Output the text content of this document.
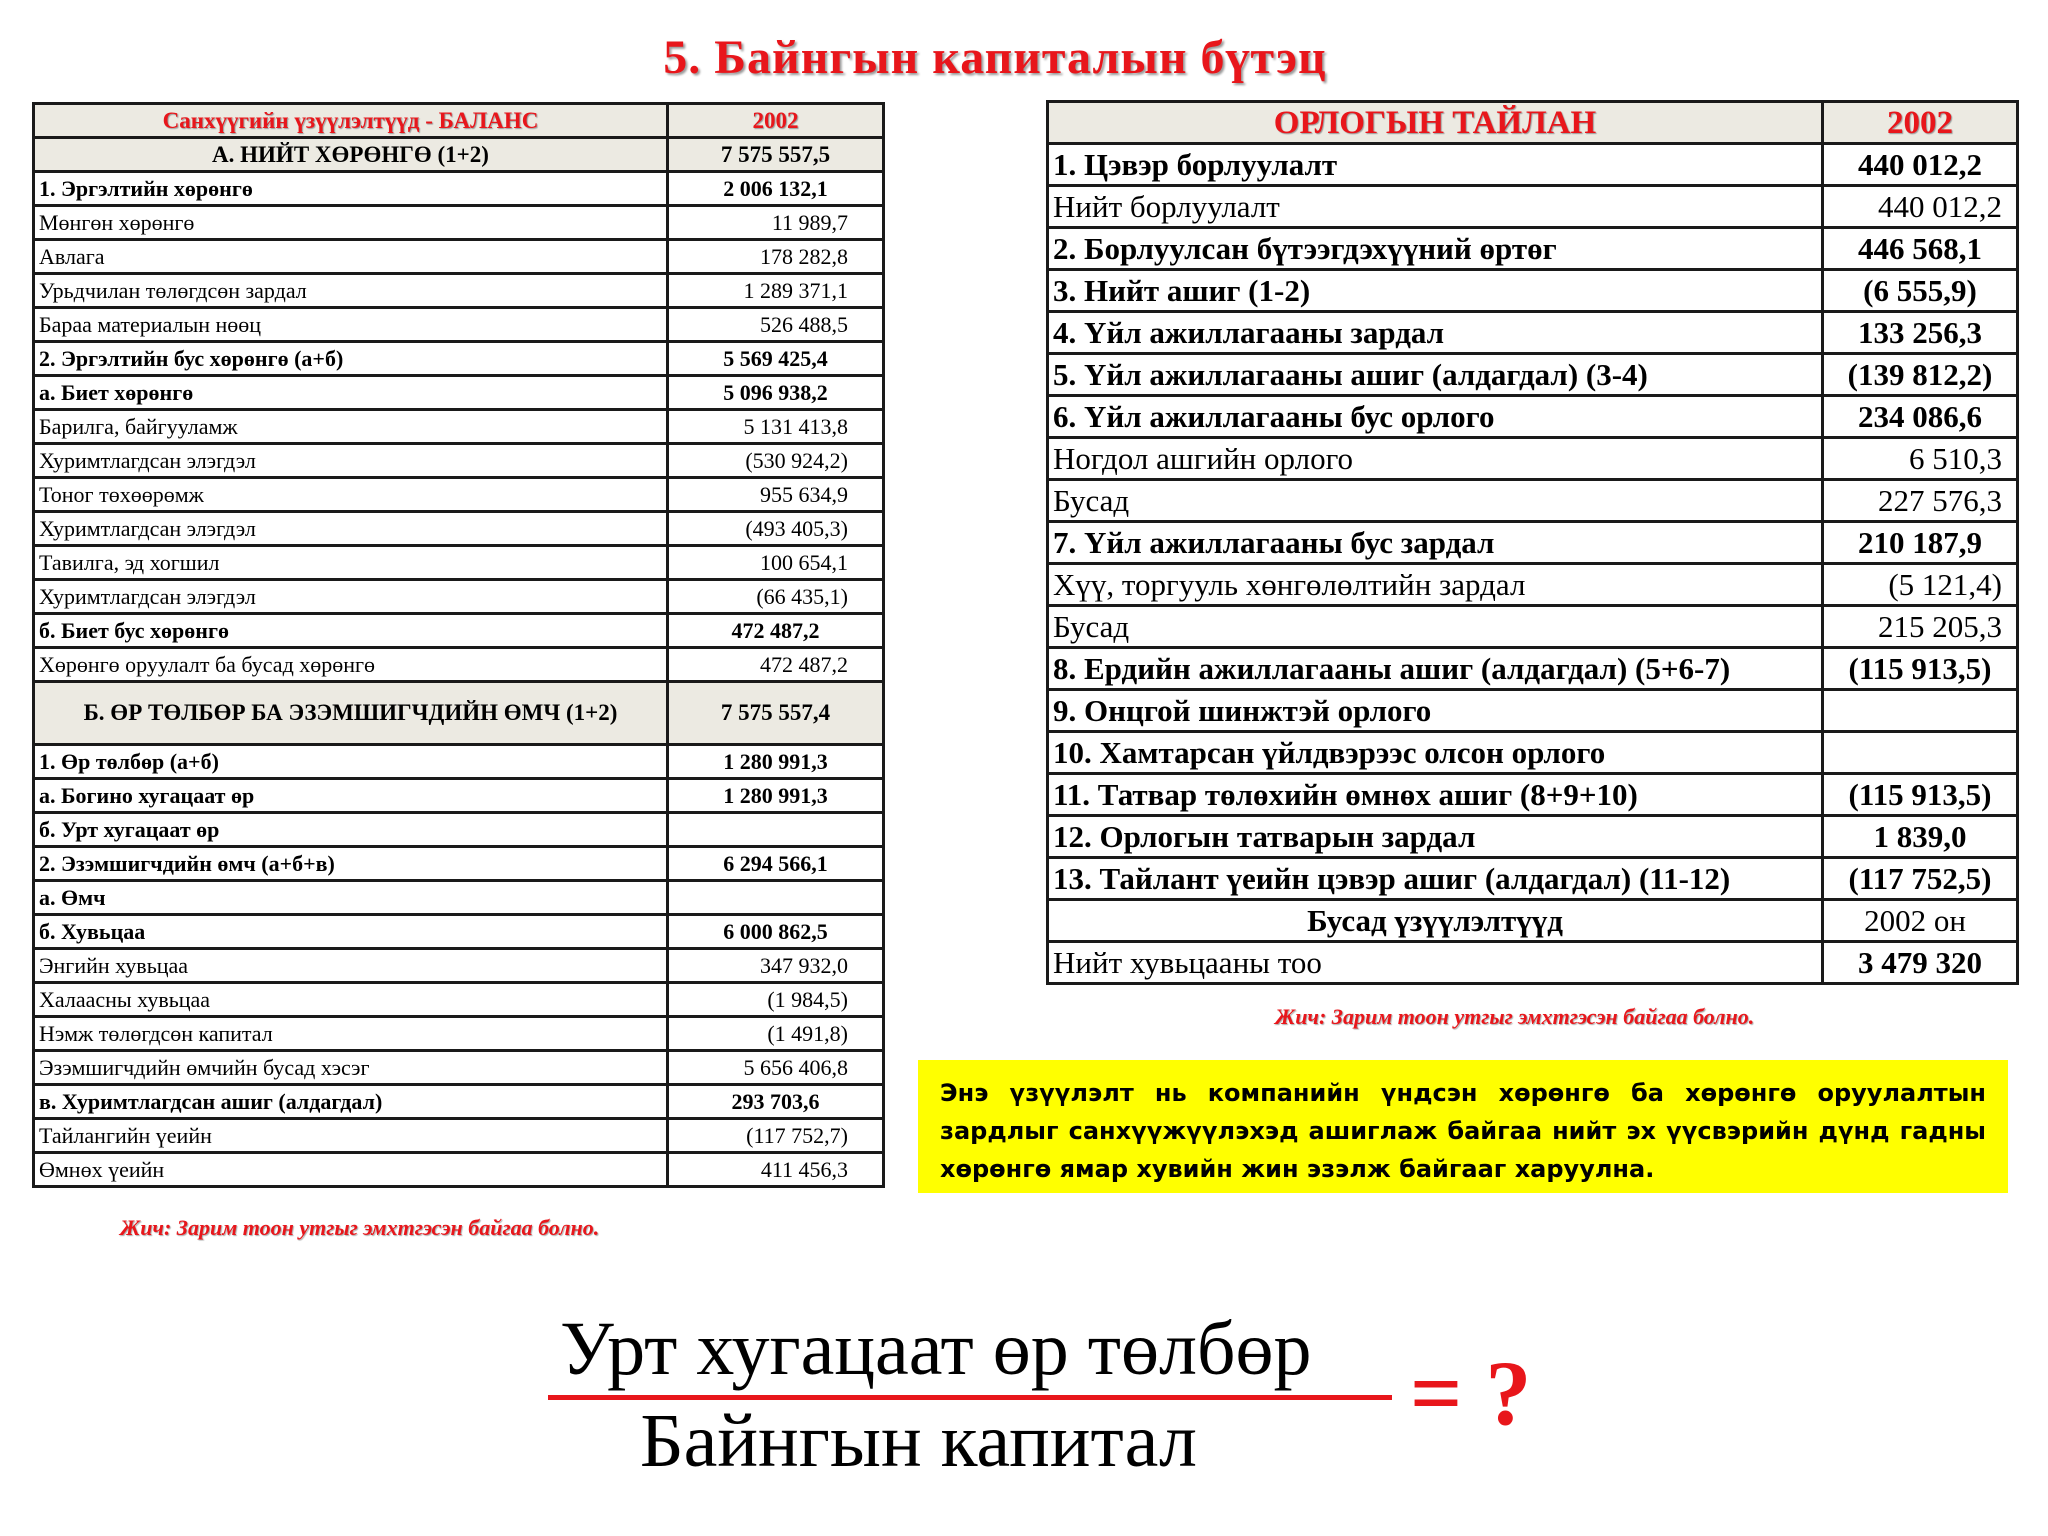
5. Байнгын капиталын бүтэц
Санхүүгийн үзүүлэлтүүд - БАЛАНС	2002
А. НИЙТ ХӨРӨНГӨ (1+2)	7 575 557,5
1. Эргэлтийн хөрөнгө	2 006 132,1
Мөнгөн хөрөнгө	11 989,7
Авлага	178 282,8
Урьдчилан төлөгдсөн зардал	1 289 371,1
Бараа материалын нөөц	526 488,5
2. Эргэлтийн бус хөрөнгө (а+б)	5 569 425,4
а. Биет хөрөнгө	5 096 938,2
Барилга, байгууламж	5 131 413,8
Хуримтлагдсан элэгдэл	(530 924,2)
Тоног төхөөрөмж	955 634,9
Хуримтлагдсан элэгдэл	(493 405,3)
Тавилга, эд хогшил	100 654,1
Хуримтлагдсан элэгдэл	(66 435,1)
б. Биет бус хөрөнгө	472 487,2
Хөрөнгө оруулалт ба бусад хөрөнгө	472 487,2
Б. ӨР ТӨЛБӨР БА ЭЗЭМШИГЧДИЙН ӨМЧ (1+2)	7 575 557,4
1. Өр төлбөр (а+б)	1 280 991,3
а. Богино хугацаат өр	1 280 991,3
б. Урт хугацаат өр	
2. Эзэмшигчдийн өмч (а+б+в)	6 294 566,1
а. Өмч	
б. Хувьцаа	6 000 862,5
Энгийн хувьцаа	347 932,0
Халаасны хувьцаа	(1 984,5)
Нэмж төлөгдсөн капитал	(1 491,8)
Эзэмшигчдийн өмчийн бусад хэсэг	5 656 406,8
в. Хуримтлагдсан ашиг (алдагдал)	293 703,6
Тайлангийн үеийн	(117 752,7)
Өмнөх үеийн	411 456,3
Жич: Зарим тоон утгыг эмхтгэсэн байгаа болно.
ОРЛОГЫН ТАЙЛАН	2002
1. Цэвэр борлуулалт	440 012,2
Нийт борлуулалт	440 012,2
2. Борлуулсан бүтээгдэхүүний өртөг	446 568,1
3. Нийт ашиг (1-2)	(6 555,9)
4. Үйл ажиллагааны зардал	133 256,3
5. Үйл ажиллагааны ашиг (алдагдал) (3-4)	(139 812,2)
6. Үйл ажиллагааны бус орлого	234 086,6
Ногдол ашгийн орлого	6 510,3
Бусад	227 576,3
7. Үйл ажиллагааны бус зардал	210 187,9
Хүү, торгууль хөнгөлөлтийн зардал	(5 121,4)
Бусад	215 205,3
8. Ердийн ажиллагааны ашиг (алдагдал) (5+6-7)	(115 913,5)
9. Онцгой шинжтэй орлого	
10. Хамтарсан үйлдвэрээс олсон орлого	
11. Татвар төлөхийн өмнөх ашиг (8+9+10)	(115 913,5)
12. Орлогын татварын зардал	1 839,0
13. Тайлант үеийн цэвэр ашиг (алдагдал) (11-12)	(117 752,5)
Бусад үзүүлэлтүүд	2002 он
Нийт хувьцааны тоо	3 479 320
Жич: Зарим тоон утгыг эмхтгэсэн байгаа болно.
Энэ үзүүлэлт нь компанийн үндсэн хөрөнгө ба хөрөнгө оруулалтын зардлыг санхүүжүүлэхэд ашиглаж байгаа нийт эх үүсвэрийн дүнд гадны хөрөнгө ямар хувийн жин эзэлж байгааг харуулна.
Урт хугацаат өр төлбөр
Байнгын капитал = ?
